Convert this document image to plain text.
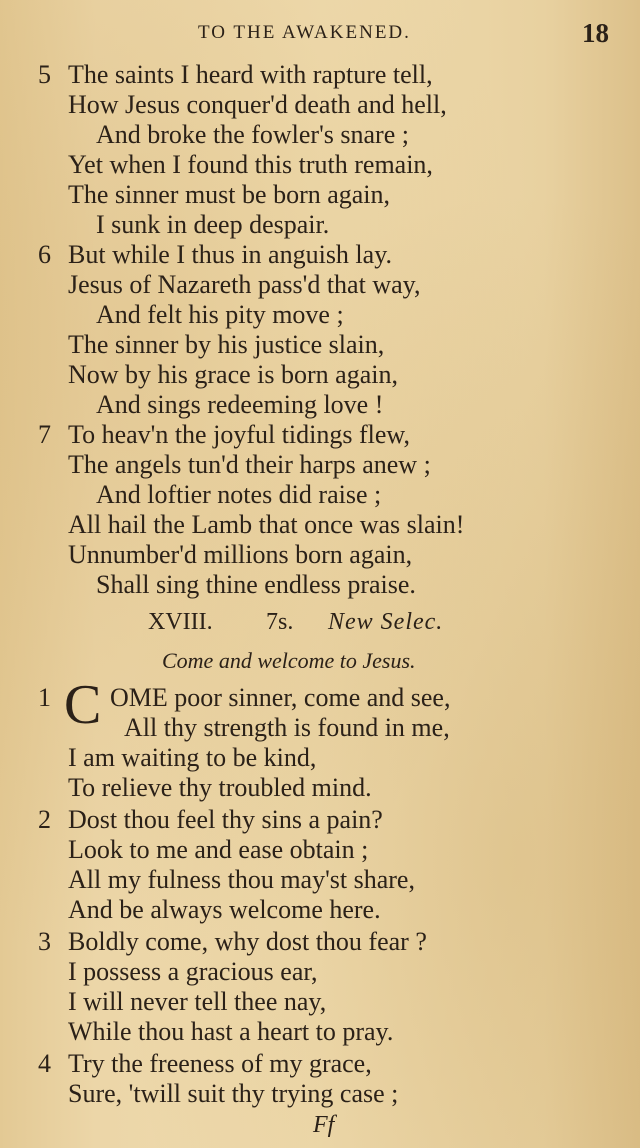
TO THE AWAKENED.	18
5 The saints I heard with rapture tell,
How Jesus conquer'd death and hell,
And broke the fowler's snare ;
Yet when I found this truth remain,
The sinner must be born again,
I sunk in deep despair.
6 But while I thus in anguish lay.
Jesus of Nazareth pass'd that way,
And felt his pity move ;
The sinner by his justice slain,
Now by his grace is born again,
And sings redeeming love !
7 To heav'n the joyful tidings flew,
The angels tun'd their harps anew ;
And loftier notes did raise ;
All hail the Lamb that once was slain!
Unnumber'd millions born again,
Shall sing thine endless praise.
XVIII. 7s. New Selec.
Come and welcome to Jesus.
1 C OME poor sinner, come and see,
All thy strength is found in me,
I am waiting to be kind,
To relieve thy troubled mind.
2 Dost thou feel thy sins a pain?
Look to me and ease obtain ;
All my fulness thou may'st share,
And be always welcome here.
3 Boldly come, why dost thou fear ?
I possess a gracious ear,
I will never tell thee nay,
While thou hast a heart to pray.
4 Try the freeness of my grace,
Sure, 'twill suit thy trying case ;
Ff
